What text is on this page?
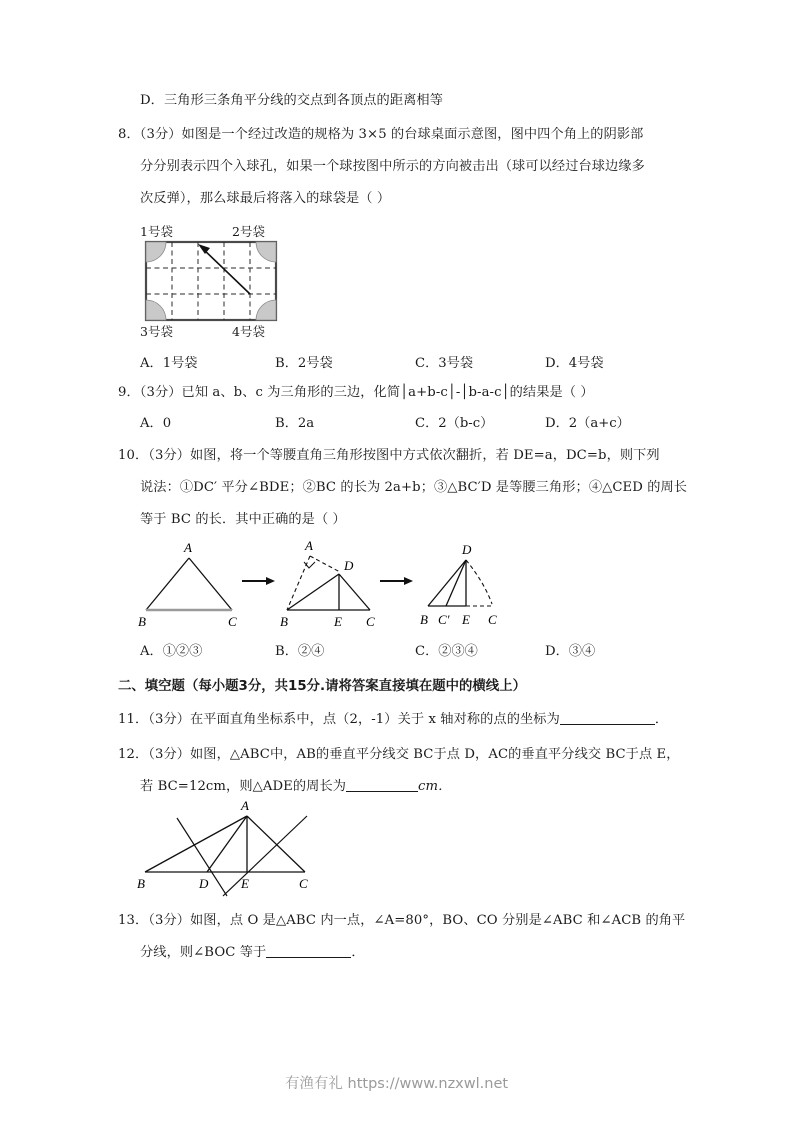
D．三角形三条角平分线的交点到各顶点的距离相等
8．（3分）如图是一个经过改造的规格为 3×5 的台球桌面示意图，图中四个角上的阴影部
分分别表示四个入球孔，如果一个球按图中所示的方向被击出（球可以经过台球边缘多
次反弹），那么球最后将落入的球袋是（ ）
1号袋	2号袋
3号袋	4号袋
A．1号袋	B．2号袋	C．3号袋	D．4号袋
9．（3分）已知 a、b、c 为三角形的三边，化简│a+b-c│-│b-a-c│的结果是（ ）
A．0	B．2a	C．2（b-c）	D．2（a+c）
10．（3分）如图，将一个等腰直角三角形按图中方式依次翻折，若 DE=a，DC=b，则下列
说法：①DC′ 平分∠BDE；②BC 的长为 2a+b；③△BC′D 是等腰三角形；④△CED 的周长
等于 BC 的长．其中正确的是（ ）
A
B	C
A
D
B	E C
D
B C′ E C
A．①②③	B．②④	C．②③④	D．③④
二、填空题（每小题3分，共15分.请将答案直接填在题中的横线上）
11．（3分）在平面直角坐标系中，点（2，-1）关于 x 轴对称的点的坐标为	．
12．（3分）如图，△ABC中，AB的垂直平分线交 BC于点 D，AC的垂直平分线交 BC于点 E，
若 BC=12cm，则△ADE的周长为	cm．
A
B	D	E	C
13．（3分）如图，点 O 是△ABC 内一点，∠A=80°，BO、CO 分别是∠ABC 和∠ACB 的角平
分线，则∠BOC 等于	．
有渔有礼 https://www.nzxwl.net
